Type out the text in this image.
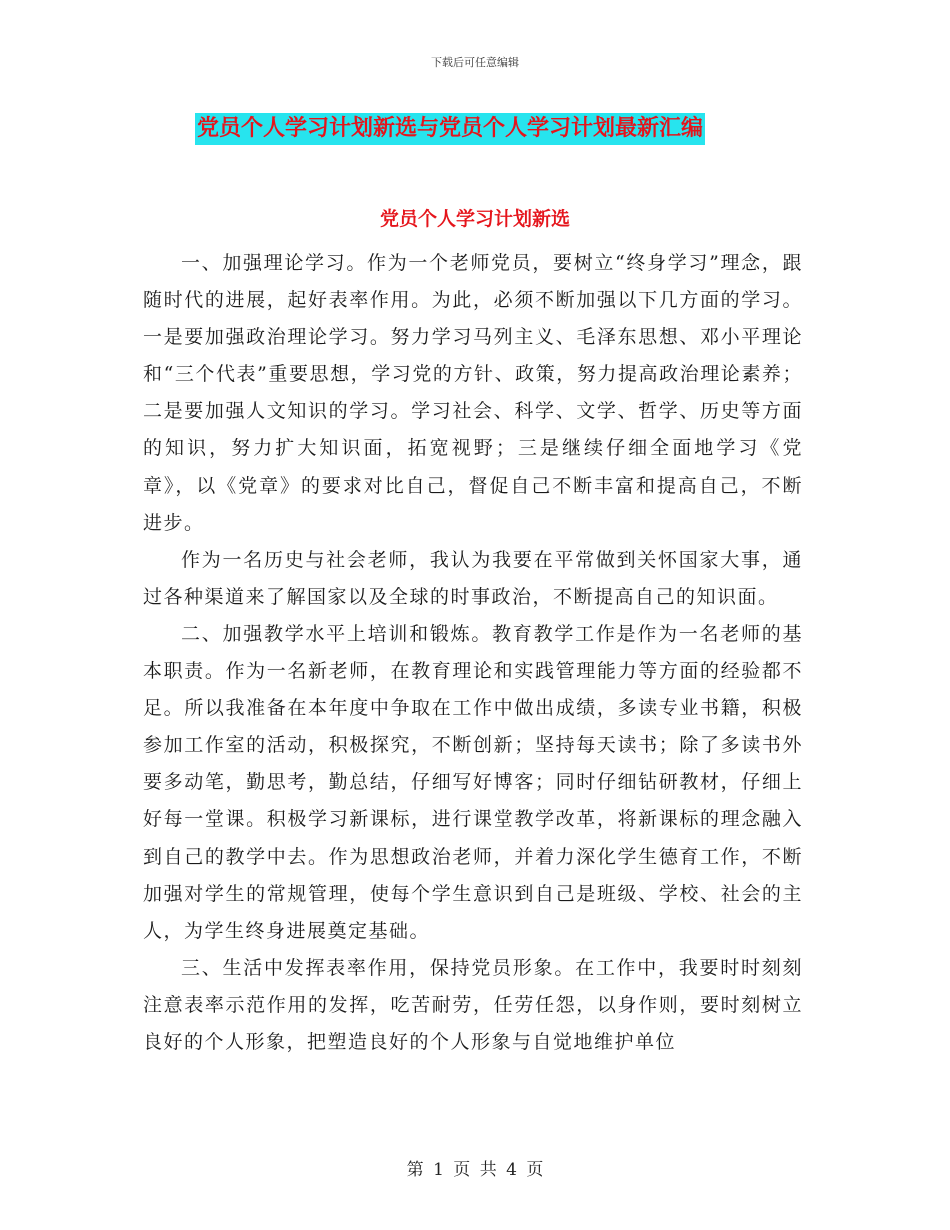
下载后可任意编辑
党员个人学习计划新选与党员个人学习计划最新汇编
党员个人学习计划新选

一、加强理论学习。作为一个老师党员，要树立“终身学习”理念，跟随时代的进展，起好表率作用。为此，必须不断加强以下几方面的学习。一是要加强政治理论学习。努力学习马列主义、毛泽东思想、邓小平理论和“三个代表”重要思想，学习党的方针、政策，努力提高政治理论素养；二是要加强人文知识的学习。学习社会、科学、文学、哲学、历史等方面的知识，努力扩大知识面，拓宽视野；三是继续仔细全面地学习《党章》，以《党章》的要求对比自己，督促自己不断丰富和提高自己，不断进步。

作为一名历史与社会老师，我认为我要在平常做到关怀国家大事，通过各种渠道来了解国家以及全球的时事政治，不断提高自己的知识面。

二、加强教学水平上培训和锻炼。教育教学工作是作为一名老师的基本职责。作为一名新老师，在教育理论和实践管理能力等方面的经验都不足。所以我准备在本年度中争取在工作中做出成绩，多读专业书籍，积极参加工作室的活动，积极探究，不断创新；坚持每天读书；除了多读书外要多动笔，勤思考，勤总结，仔细写好博客；同时仔细钻研教材，仔细上好每一堂课。积极学习新课标，进行课堂教学改革，将新课标的理念融入到自己的教学中去。作为思想政治老师，并着力深化学生德育工作，不断加强对学生的常规管理，使每个学生意识到自己是班级、学校、社会的主人，为学生终身进展奠定基础。

三、生活中发挥表率作用，保持党员形象。在工作中，我要时时刻刻注意表率示范作用的发挥，吃苦耐劳，任劳任怨，以身作则，要时刻树立良好的个人形象，把塑造良好的个人形象与自觉地维护单位

第 1 页 共 4 页
